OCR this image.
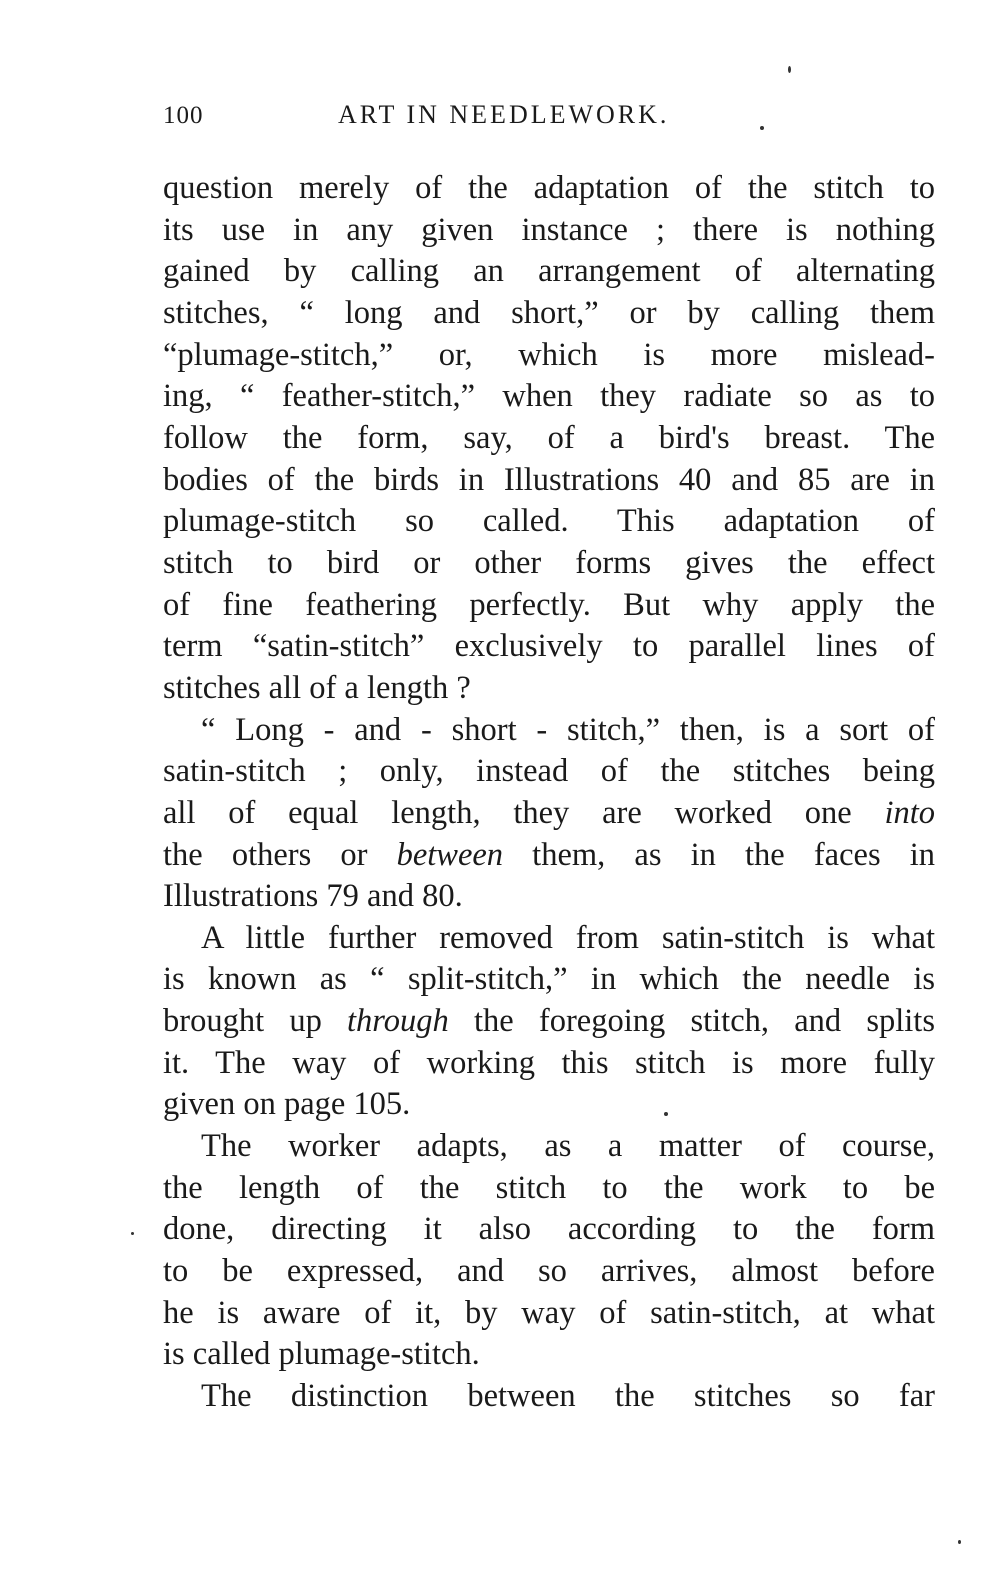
100	ART IN NEEDLEWORK.
question merely of the adaptation of the stitch to
its use in any given instance ; there is nothing
gained by calling an arrangement of alternating
stitches, “ long and short,” or by calling them
“plumage-stitch,” or, which is more mislead-
ing, “ feather-stitch,” when they radiate so as to
follow the form, say, of a bird's breast. The
bodies of the birds in Illustrations 40 and 85 are in
plumage-stitch so called. This adaptation of
stitch to bird or other forms gives the effect
of fine feathering perfectly. But why apply the
term “satin-stitch” exclusively to parallel lines of
stitches all of a length ?
“ Long - and - short - stitch,” then, is a sort of
satin-stitch ; only, instead of the stitches being
all of equal length, they are worked one into
the others or between them, as in the faces in
Illustrations 79 and 80.
A little further removed from satin-stitch is what
is known as “ split-stitch,” in which the needle is
brought up through the foregoing stitch, and splits
it. The way of working this stitch is more fully
given on page 105.
The worker adapts, as a matter of course,
the length of the stitch to the work to be
done, directing it also according to the form
to be expressed, and so arrives, almost before
he is aware of it, by way of satin-stitch, at what
is called plumage-stitch.
The distinction between the stitches so far
